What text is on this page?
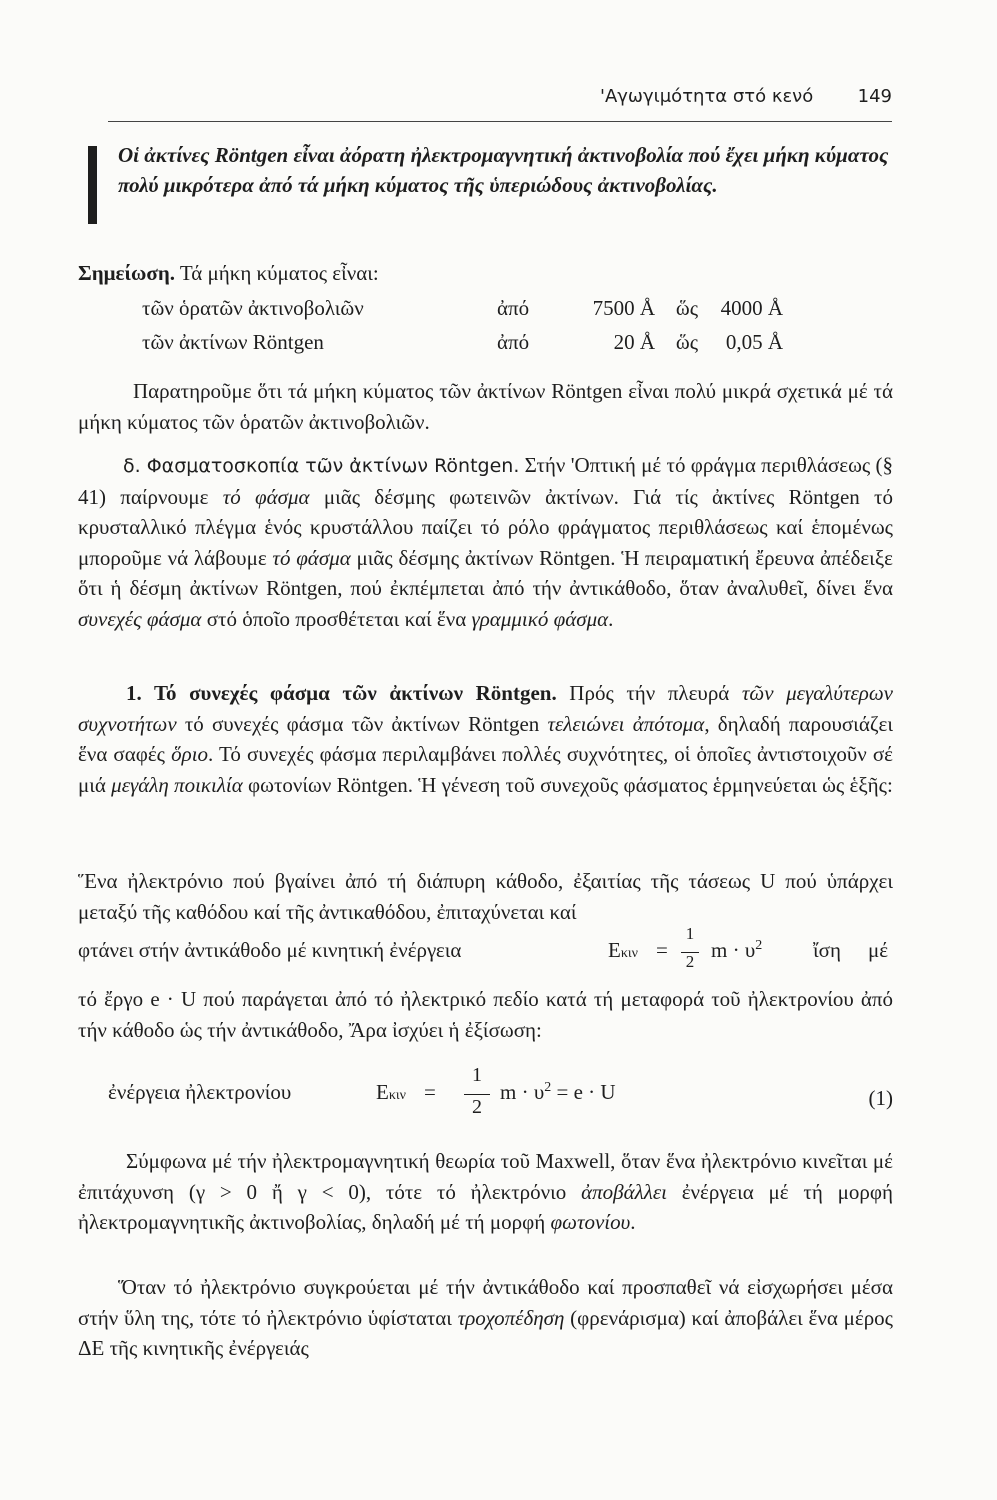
'Αγωγιμότητα στό κενό 149
Οἱ ἀκτίνες Röntgen εἶναι ἀόρατη ἠλεκτρομαγνητική ἀκτινοβολία πού ἔχει μήκη κύματος πολύ μικρότερα ἀπό τά μήκη κύματος τῆς ὑπεριώδους ἀκτινοβολίας.
Σημείωση. Τά μήκη κύματος εἶναι:
τῶν ὁρατῶν ἀκτινοβολιῶν	ἀπό	7500 Å ὥς	4000 Å
τῶν ἀκτίνων Röntgen	ἀπό	20 Å ὥς	0,05 Å
Παρατηροῦμε ὅτι τά μήκη κύματος τῶν ἀκτίνων Röntgen εἶναι πολύ μικρά σχετικά μέ τά μήκη κύματος τῶν ὁρατῶν ἀκτινοβολιῶν.
δ. Φασματοσκοπία τῶν ἀκτίνων Röntgen. Στήν 'Οπτική μέ τό φράγμα περιθλάσεως (§ 41) παίρνουμε τό φάσμα μιᾶς δέσμης φωτεινῶν ἀκτίνων. Γιά τίς ἀκτίνες Röntgen τό κρυσταλλικό πλέγμα ἑνός κρυστάλλου παίζει τό ρόλο φράγματος περιθλάσεως καί ἑπομένως μποροῦμε νά λάβουμε τό φάσμα μιᾶς δέσμης ἀκτίνων Röntgen. Ἡ πειραματική ἔρευνα ἀπέδειξε ὅτι ἡ δέσμη ἀκτίνων Röntgen, πού ἐκπέμπεται ἀπό τήν ἀντικάθοδο, ὅταν ἀναλυθεῖ, δίνει ἕνα συνεχές φάσμα στό ὁποῖο προσθέτεται καί ἕνα γραμμικό φάσμα.
1. Τό συνεχές φάσμα τῶν ἀκτίνων Röntgen. Πρός τήν πλευρά τῶν μεγαλύτερων συχνοτήτων τό συνεχές φάσμα τῶν ἀκτίνων Röntgen τελειώνει ἀπότομα, δηλαδή παρουσιάζει ἕνα σαφές ὅριο. Τό συνεχές φάσμα περιλαμβάνει πολλές συχνότητες, οἱ ὁποῖες ἀντιστοιχοῦν σέ μιά μεγάλη ποικιλία φωτονίων Röntgen. Ἡ γένεση τοῦ συνεχοῦς φάσματος ἑρμηνεύεται ὡς ἑξῆς:
Ἕνα ἠλεκτρόνιο πού βγαίνει ἀπό τή διάπυρη κάθοδο, ἐξαιτίας τῆς τάσεως U πού ὑπάρχει μεταξύ τῆς καθόδου καί τῆς ἀντικαθόδου, ἐπιταχύνεται καί
φτάνει στήν ἀντικάθοδο μέ κινητική ἐνέργεια	Eκιν =
1
2 $m \cdot \upsilon^2$ ἴση μέ
τό ἔργο e · U πού παράγεται ἀπό τό ἠλεκτρικό πεδίο κατά τή μεταφορά τοῦ ἠλεκτρονίου ἀπό τήν κάθοδο ὡς τήν ἀντικάθοδο, Ἄρα ἰσχύει ἡ ἐξίσωση:
ἐνέργεια ἠλεκτρονίου	Eκιν =
1
2
$m \cdot \upsilon^2 = e \cdot U$	(1)
Σύμφωνα μέ τήν ἠλεκτρομαγνητική θεωρία τοῦ Maxwell, ὅταν ἕνα ἠλεκτρόνιο κινεῖται μέ ἐπιτάχυνση (γ > 0 ἤ γ < 0), τότε τό ἠλεκτρόνιο ἀποβάλλει ἐνέργεια μέ τή μορφή ἠλεκτρομαγνητικῆς ἀκτινοβολίας, δηλαδή μέ τή μορφή φωτονίου.
Ὅταν τό ἠλεκτρόνιο συγκρούεται μέ τήν ἀντικάθοδο καί προσπαθεῖ νά εἰσχωρήσει μέσα στήν ὕλη της, τότε τό ἠλεκτρόνιο ὑφίσταται τροχοπέδηση (φρενάρισμα) καί ἀποβάλει ἕνα μέρος ΔE τῆς κινητικῆς ἐνέργειάς
